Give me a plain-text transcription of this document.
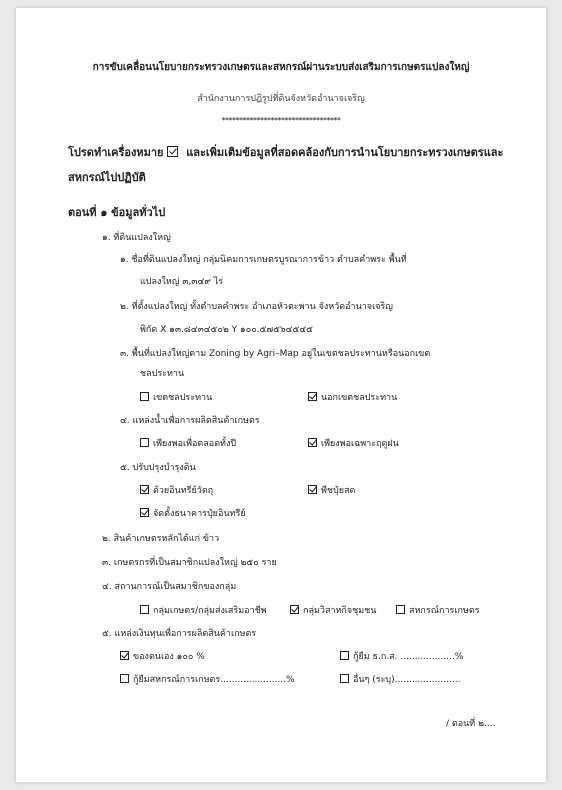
การขับเคลื่อนนโยบายกระทรวงเกษตรและสหกรณ์ผ่านระบบส่งเสริมการเกษตรแปลงใหญ่
สำนักงานการปฏิรูปที่ดินจังหวัดอำนาจเจริญ
**********************************
โปรดทำเครื่องหมาย และเพิ่มเติมข้อมูลที่สอดคล้องกับการนำนโยบายกระทรวงเกษตรและ
สหกรณ์ไปปฏิบัติ
ตอนที่ ๑ ข้อมูลทั่วไป
๑. ที่ดินแปลงใหญ่
๑. ชื่อที่ดินแปลงใหญ่ กลุ่มนิคมการเกษตรบูรณาการข้าว ตำบลคำพระ พื้นที่
แปลงใหญ่ ๓,๓๔๙ ไร่
๒. ที่ตั้งแปลงใหญ่ ทั้งตำบลคำพระ อำเภอหัวตะพาน จังหวัดอำนาจเจริญ
พิกัด X ๑๓.๘๔๓๔๕๐๒ Y ๑๐๐.๕๗๕๖๔๕๔๕
๓. พื้นที่แปลงใหญ่ตาม Zoning by Agri–Map อยู่ในเขตชลประทานหรือนอกเขต
ชลประทาน
เขตชลประทาน	นอกเขตชลประทาน
๔. แหล่งน้ำเพื่อการผลิตสินค้าเกษตร
เพียงพอเพื่อตลอดทั้งปี	เพียงพอเฉพาะฤดูฝน
๕. ปรับปรุงบำรุงดิน
ด้วยอินทรีย์วัตถุ	พืชปุ๋ยสด
จัดตั้งธนาคารปุ๋ยอินทรีย์
๒. สินค้าเกษตรหลักได้แก่ ข้าว
๓. เกษตรกรที่เป็นสมาชิกแปลงใหญ่ ๒๕๐ ราย
๔. สถานการณ์เป็นสมาชิกของกลุ่ม
กลุ่มเกษตร/กลุ่มส่งเสริมอาชีพ	กลุ่มวิสาหกิจชุมชน	สหกรณ์การเกษตร
๕. แหล่งเงินทุนเพื่อการผลิตสินค้าเกษตร
ของตนเอง ๑๐๐ %	กู้ยืม ธ.ก.ส. ...................%
กู้ยืมสหกรณ์การเกษตร.......................%	อื่นๆ (ระบุ).......................
/ ตอนที่ ๒....
